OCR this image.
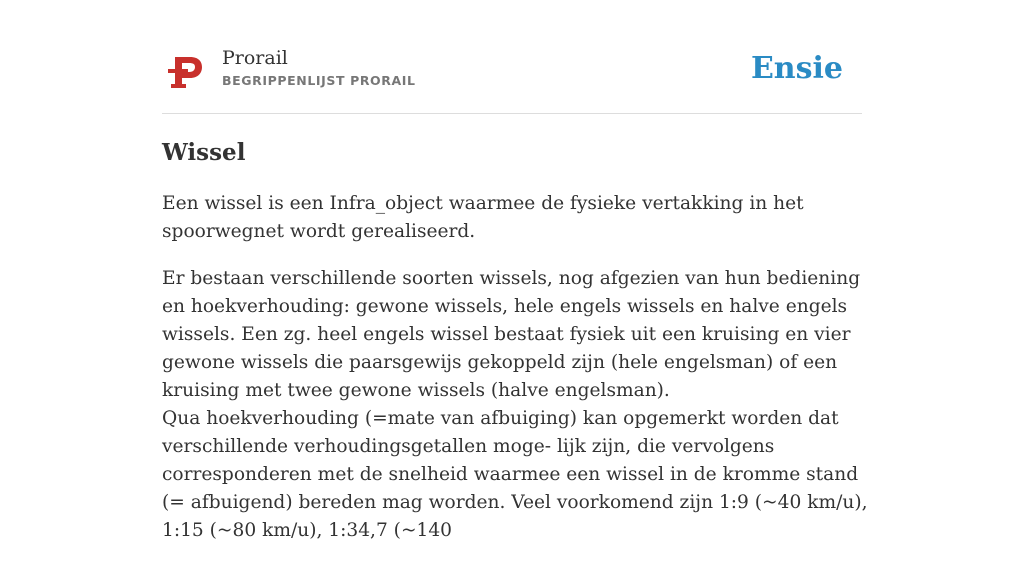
Prorail
BEGRIPPENLIJST PRORAIL	Ensie
Wissel

Een wissel is een Infra_object waarmee de fysieke vertakking in het spoorwegnet wordt gerealiseerd.

Er bestaan verschillende soorten wissels, nog afgezien van hun bediening en hoekverhouding: gewone wissels, hele engels wissels en halve engels wissels. Een zg. heel engels wissel bestaat fysiek uit een kruising en vier gewone wissels die paarsgewijs gekoppeld zijn (hele engelsman) of een kruising met twee gewone wissels (halve engelsman).
Qua hoekverhouding (=mate van afbuiging) kan opgemerkt worden dat verschillende verhoudingsgetallen moge- lijk zijn, die vervolgens corresponderen met de snelheid waarmee een wissel in de kromme stand (= afbuigend) bereden mag worden. Veel voorkomend zijn 1:9 (~40 km/u), 1:15 (~80 km/u), 1:34,7 (~140
